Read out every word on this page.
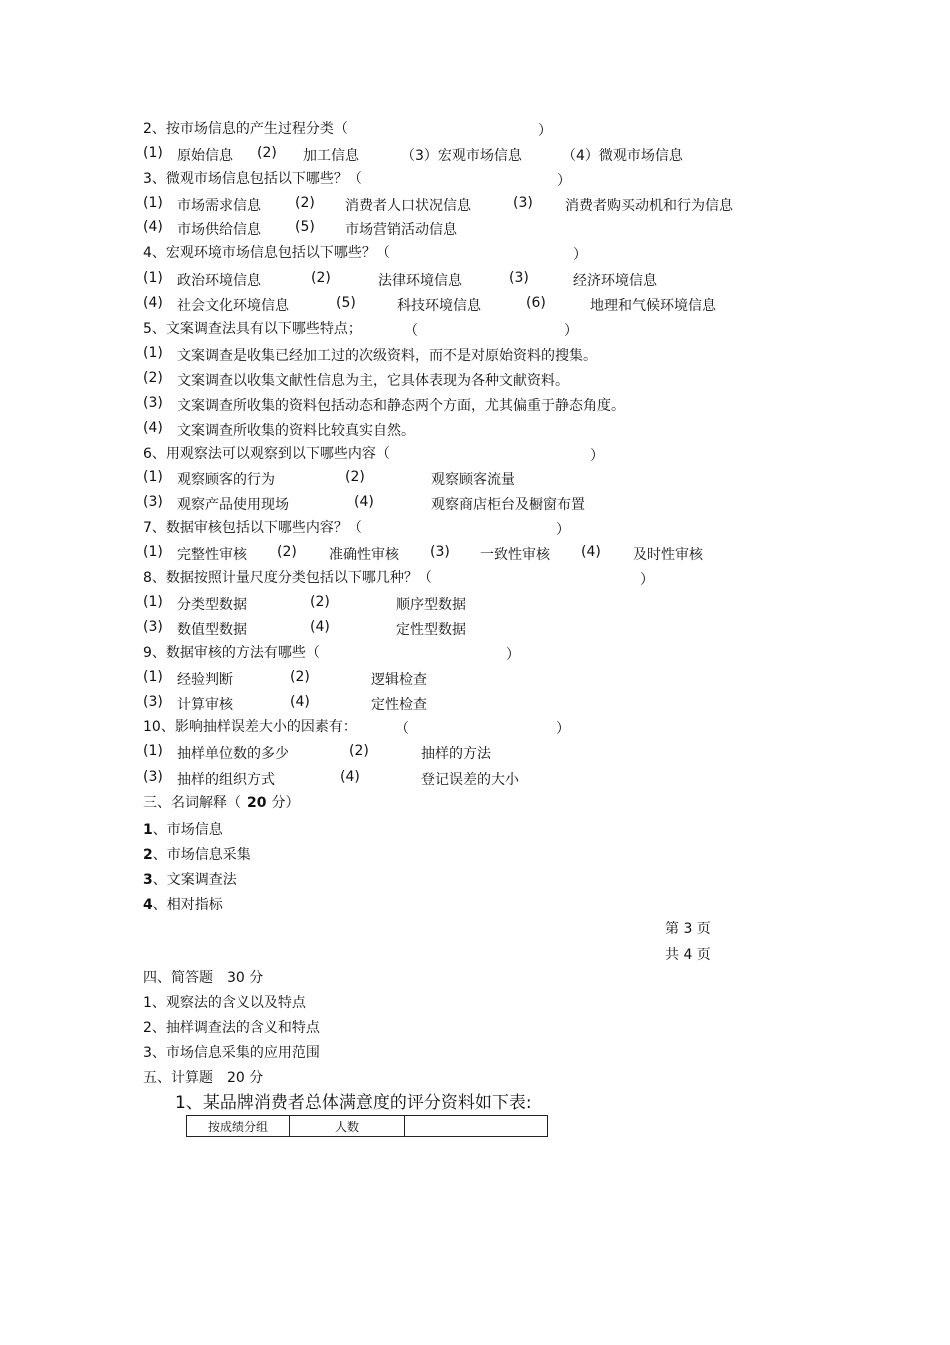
2、按市场信息的产生过程分类（	）
(1) 原始信息 (2) 加工信息	（3）宏观市场信息	（4）微观市场信息
3、微观市场信息包括以下哪些？（	）
(1) 市场需求信息 (2) 消费者人口状况信息	(3) 消费者购买动机和行为信息
(4) 市场供给信息 (5) 市场营销活动信息
4、宏观环境市场信息包括以下哪些？（	）
(1) 政治环境信息	(2)	法律环境信息	(3)	经济环境信息
(4) 社会文化环境信息	(5)	科技环境信息	(6)	地理和气候环境信息
5、文案调查法具有以下哪些特点；	（	）
(1) 文案调查是收集已经加工过的次级资料，而不是对原始资料的搜集。
(2) 文案调查以收集文献性信息为主，它具体表现为各种文献资料。
(3) 文案调查所收集的资料包括动态和静态两个方面，尤其偏重于静态角度。
(4) 文案调查所收集的资料比较真实自然。
6、用观察法可以观察到以下哪些内容（	）
(1) 观察顾客的行为	(2)	观察顾客流量
(3) 观察产品使用现场	(4)	观察商店柜台及橱窗布置
7、数据审核包括以下哪些内容？（	）
(1) 完整性审核 (2) 准确性审核 (3) 一致性审核 (4) 及时性审核
8、数据按照计量尺度分类包括以下哪几种？（	）
(1) 分类型数据	(2)	顺序型数据
(3) 数值型数据	(4)	定性型数据
9、数据审核的方法有哪些（	）
(1) 经验判断	(2)	逻辑检查
(3) 计算审核	(4)	定性检查
10、影响抽样误差大小的因素有：	（	）
(1) 抽样单位数的多少	(2)	抽样的方法
(3) 抽样的组织方式	(4)	登记误差的大小
三、名词解释（ 20 分）
1、市场信息
2、市场信息采集
3、文案调查法
4、相对指标
第 3 页
共 4 页
四、简答题 30 分
1、观察法的含义以及特点
2、抽样调查法的含义和特点
3、市场信息采集的应用范围
五、计算题 20 分
1、某品牌消费者总体满意度的评分资料如下表:
按成绩分组	人数	
